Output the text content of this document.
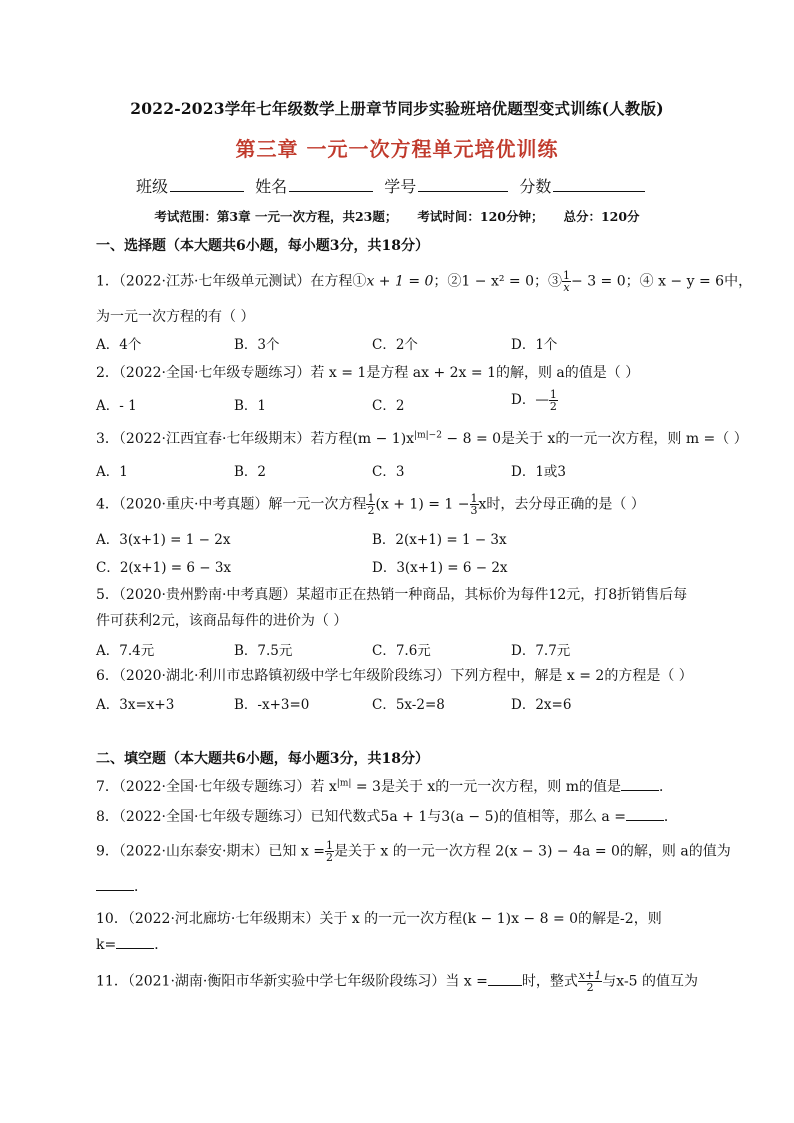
2022-2023学年七年级数学上册章节同步实验班培优题型变式训练(人教版)
第三章 一元一次方程单元培优训练
班级	姓名	学号	分数
考试范围：第3章 一元一次方程，共23题； 考试时间：120分钟； 总分：120分
一、选择题（本大题共6小题，每小题3分，共18分）
1．（2022·江苏·七年级单元测试）在方程①x + 1 = 0；②1 − x² = 0；③ $\frac{1}{x} - 3 = 0$；④ x − y = 6中，
为一元一次方程的有（ ）
A．4个	B．3个	C．2个	D．1个
2．（2022·全国·七年级专题练习）若 x = 1是方程 ax + 2x = 1的解，则 a的值是（ ）
A．- 1	B．1	C．2	D．— $\frac{1}{2}$
3．（2022·江西宜春·七年级期末）若方程$(m - 1)x^{|m|-2} - 8 = 0$是关于 x的一元一次方程，则 m =（ ）
A．1	B．2	C．3	D．1或3
4．（2020·重庆·中考真题）解一元一次方程 $\frac{1}{2} (x + 1) = 1 - \frac{1}{3}$ x时，去分母正确的是（ ）
A．3(x+1) = 1 − 2x	B．2(x+1) = 1 − 3x
C．2(x+1) = 6 − 3x	D．3(x+1) = 6 − 2x
5．（2020·贵州黔南·中考真题）某超市正在热销一种商品，其标价为每件12元，打8折销售后每
件可获利2元，该商品每件的进价为（ ）
A．7.4元	B．7.5元	C．7.6元	D．7.7元
6．（2020·湖北·利川市忠路镇初级中学七年级阶段练习）下列方程中，解是 x = 2的方程是（ ）
A．3x=x+3	B．-x+3=0	C．5x-2=8	D．2x=6
二、填空题（本大题共6小题，每小题3分，共18分）
7．（2022·全国·七年级专题练习）若 $x^{|m|} = 3$是关于 x的一元一次方程，则 m的值是	．
8．（2022·全国·七年级专题练习）已知代数式5a + 1与3(a − 5)的值相等，那么 a =	．
9．（2022·山东泰安·期末）已知 $x = \frac{1}{2}$ 是关于 x 的一元一次方程 2(x − 3) − 4a = 0的解，则 a的值为
．
10．（2022·河北廊坊·七年级期末）关于 x 的一元一次方程(k − 1)x − 8 = 0的解是-2，则
k=	．
11．（2021·湖南·衡阳市华新实验中学七年级阶段练习）当 x = 时，整式 $\frac{x+1}{2}$ 与x-5 的值互为
